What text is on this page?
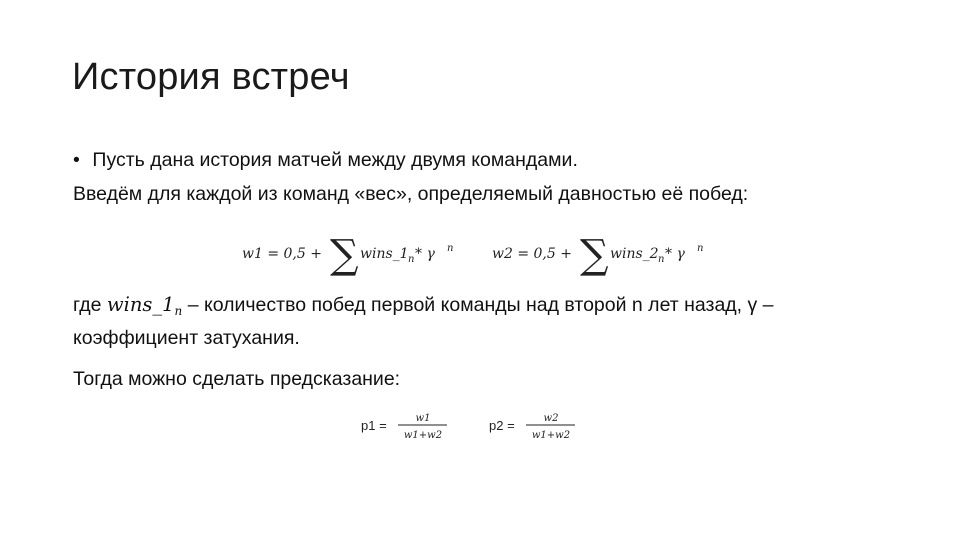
История встреч
• Пусть дана история матчей между двумя командами.
Введём для каждой из команд «вес», определяемый давностью её побед:
w1 = 0,5 + ∑ wins_1 n * γ n	w2 = 0,5 + ∑ wins_2 n * γ n
где $wins\_1_n$ – количество побед первой команды над второй n лет назад, γ – коэффициент затухания.
Тогда можно сделать предсказание:
p1 =	w1
w1+w2
p2 =	w2
w1+w2
